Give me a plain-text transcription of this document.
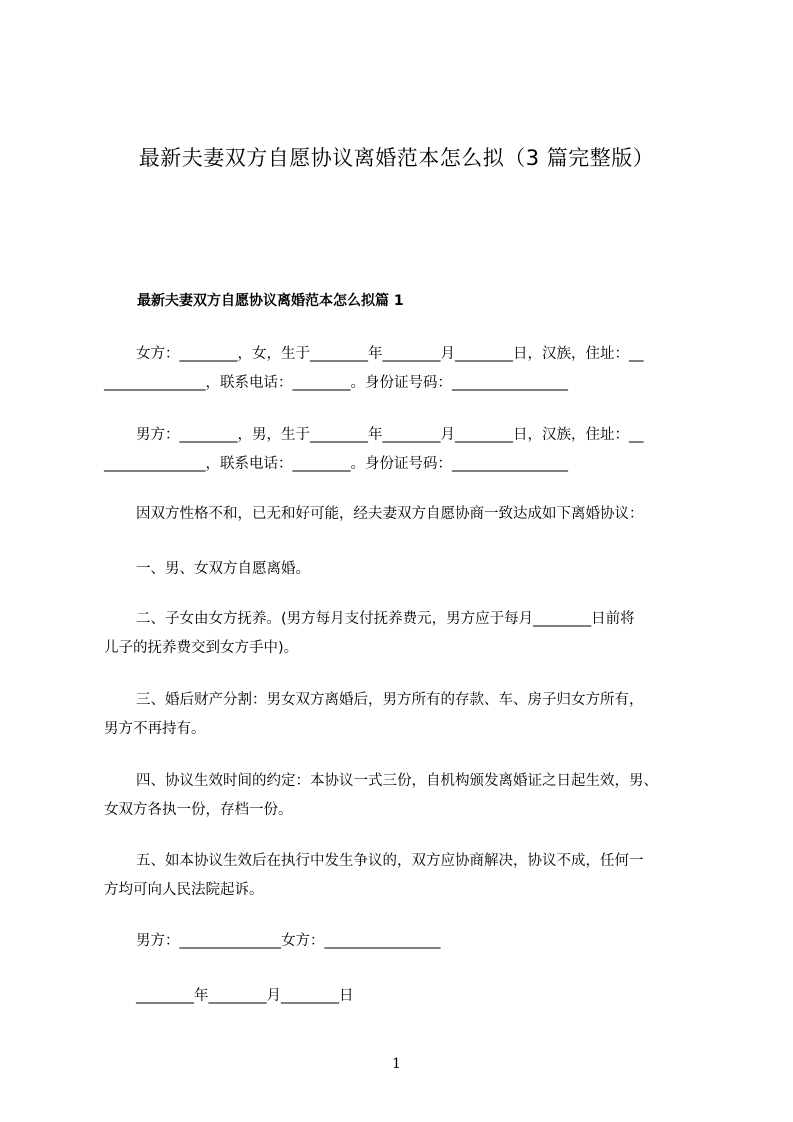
最新夫妻双方自愿协议离婚范本怎么拟（3 篇完整版）
最新夫妻双方自愿协议离婚范本怎么拟篇 1
女方：________，女，生于________年________月________日，汉族，住址：__
______________，联系电话：________。身份证号码：________________
男方：________，男，生于________年________月________日，汉族，住址：__
______________，联系电话：________。身份证号码：________________
因双方性格不和，已无和好可能，经夫妻双方自愿协商一致达成如下离婚协议：
一、男、女双方自愿离婚。
二、子女由女方抚养。(男方每月支付抚养费元，男方应于每月________日前将
儿子的抚养费交到女方手中)。
三、婚后财产分割：男女双方离婚后，男方所有的存款、车、房子归女方所有，
男方不再持有。
四、协议生效时间的约定：本协议一式三份，自机构颁发离婚证之日起生效，男、
女双方各执一份，存档一份。
五、如本协议生效后在执行中发生争议的，双方应协商解决，协议不成，任何一
方均可向人民法院起诉。
男方：______________女方：________________
________年________月________日
1
